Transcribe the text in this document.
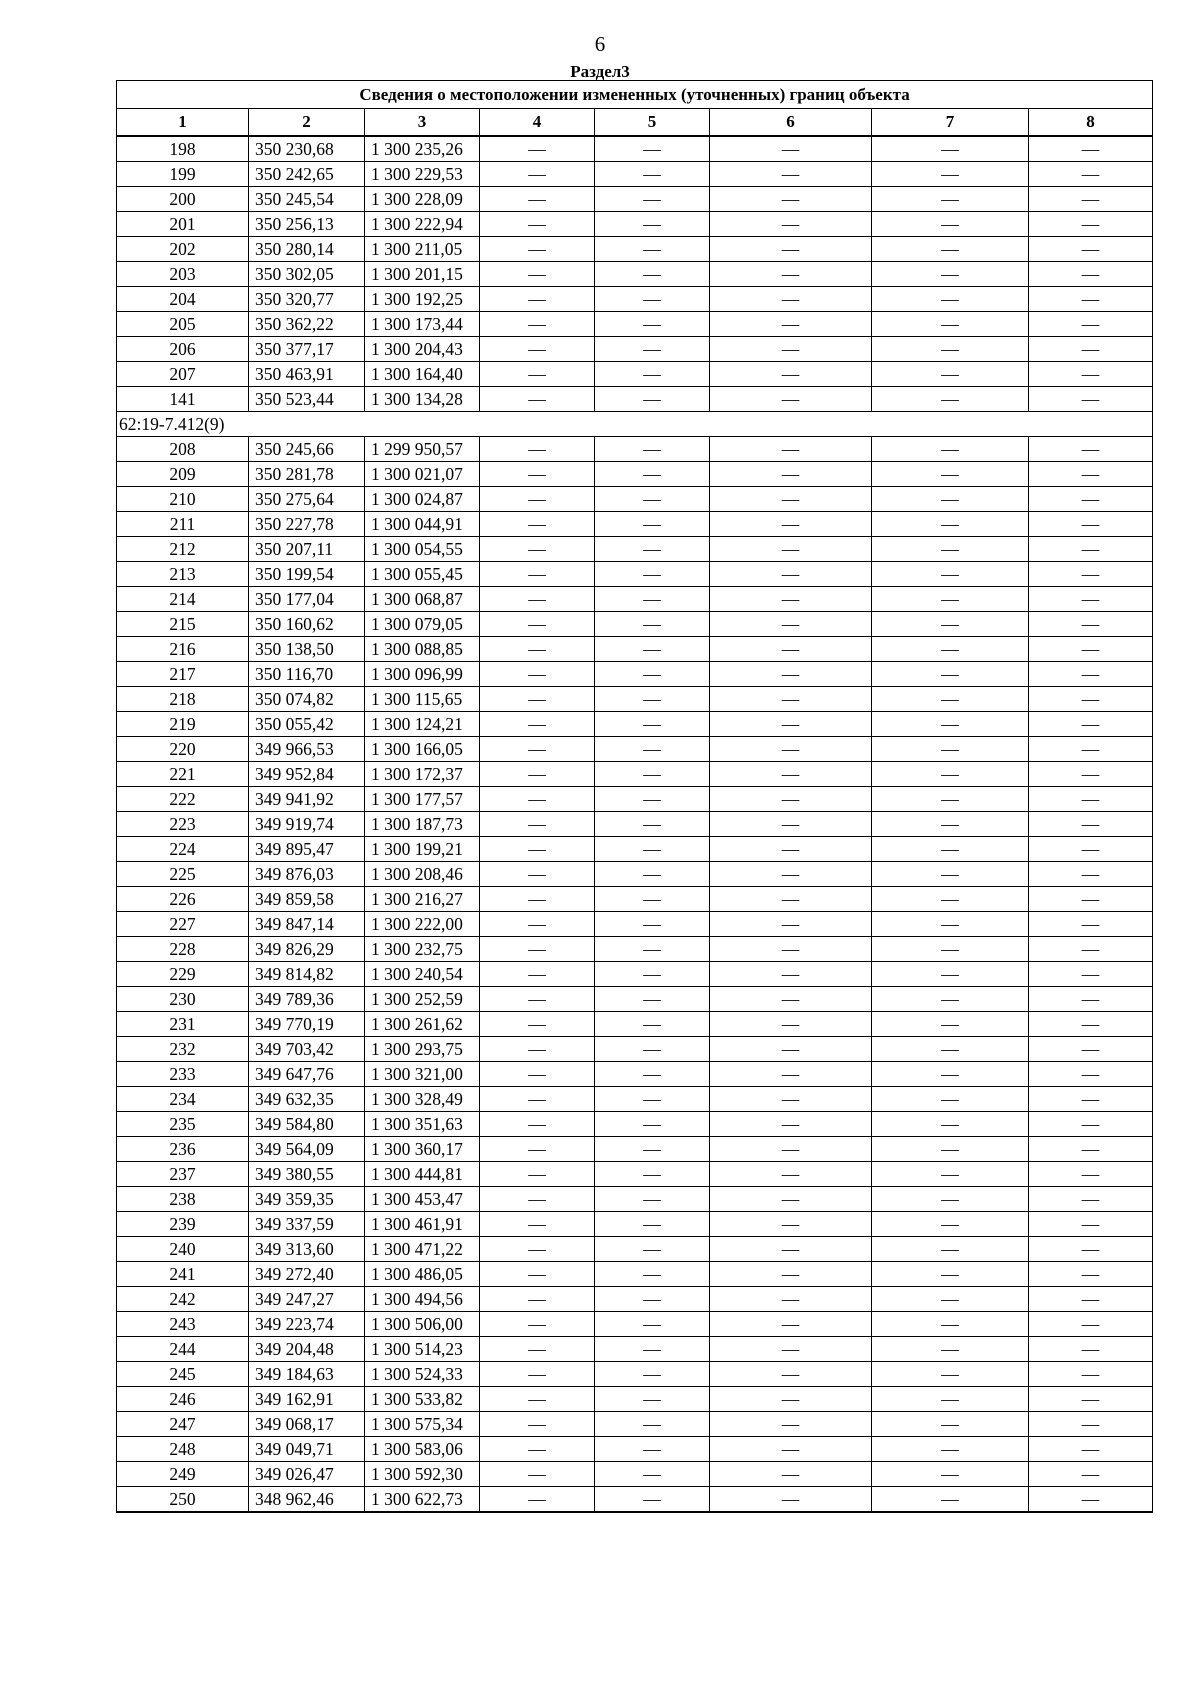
6
Раздел3
Сведения о местоположении измененных (уточненных) границ объекта							
1	2	3	4	5	6	7	8
198	350 230,68	1 300 235,26	—	—	—	—	—
199	350 242,65	1 300 229,53	—	—	—	—	—
200	350 245,54	1 300 228,09	—	—	—	—	—
201	350 256,13	1 300 222,94	—	—	—	—	—
202	350 280,14	1 300 211,05	—	—	—	—	—
203	350 302,05	1 300 201,15	—	—	—	—	—
204	350 320,77	1 300 192,25	—	—	—	—	—
205	350 362,22	1 300 173,44	—	—	—	—	—
206	350 377,17	1 300 204,43	—	—	—	—	—
207	350 463,91	1 300 164,40	—	—	—	—	—
141	350 523,44	1 300 134,28	—	—	—	—	—
62:19-7.412(9)							
208	350 245,66	1 299 950,57	—	—	—	—	—
209	350 281,78	1 300 021,07	—	—	—	—	—
210	350 275,64	1 300 024,87	—	—	—	—	—
211	350 227,78	1 300 044,91	—	—	—	—	—
212	350 207,11	1 300 054,55	—	—	—	—	—
213	350 199,54	1 300 055,45	—	—	—	—	—
214	350 177,04	1 300 068,87	—	—	—	—	—
215	350 160,62	1 300 079,05	—	—	—	—	—
216	350 138,50	1 300 088,85	—	—	—	—	—
217	350 116,70	1 300 096,99	—	—	—	—	—
218	350 074,82	1 300 115,65	—	—	—	—	—
219	350 055,42	1 300 124,21	—	—	—	—	—
220	349 966,53	1 300 166,05	—	—	—	—	—
221	349 952,84	1 300 172,37	—	—	—	—	—
222	349 941,92	1 300 177,57	—	—	—	—	—
223	349 919,74	1 300 187,73	—	—	—	—	—
224	349 895,47	1 300 199,21	—	—	—	—	—
225	349 876,03	1 300 208,46	—	—	—	—	—
226	349 859,58	1 300 216,27	—	—	—	—	—
227	349 847,14	1 300 222,00	—	—	—	—	—
228	349 826,29	1 300 232,75	—	—	—	—	—
229	349 814,82	1 300 240,54	—	—	—	—	—
230	349 789,36	1 300 252,59	—	—	—	—	—
231	349 770,19	1 300 261,62	—	—	—	—	—
232	349 703,42	1 300 293,75	—	—	—	—	—
233	349 647,76	1 300 321,00	—	—	—	—	—
234	349 632,35	1 300 328,49	—	—	—	—	—
235	349 584,80	1 300 351,63	—	—	—	—	—
236	349 564,09	1 300 360,17	—	—	—	—	—
237	349 380,55	1 300 444,81	—	—	—	—	—
238	349 359,35	1 300 453,47	—	—	—	—	—
239	349 337,59	1 300 461,91	—	—	—	—	—
240	349 313,60	1 300 471,22	—	—	—	—	—
241	349 272,40	1 300 486,05	—	—	—	—	—
242	349 247,27	1 300 494,56	—	—	—	—	—
243	349 223,74	1 300 506,00	—	—	—	—	—
244	349 204,48	1 300 514,23	—	—	—	—	—
245	349 184,63	1 300 524,33	—	—	—	—	—
246	349 162,91	1 300 533,82	—	—	—	—	—
247	349 068,17	1 300 575,34	—	—	—	—	—
248	349 049,71	1 300 583,06	—	—	—	—	—
249	349 026,47	1 300 592,30	—	—	—	—	—
250	348 962,46	1 300 622,73	—	—	—	—	—
